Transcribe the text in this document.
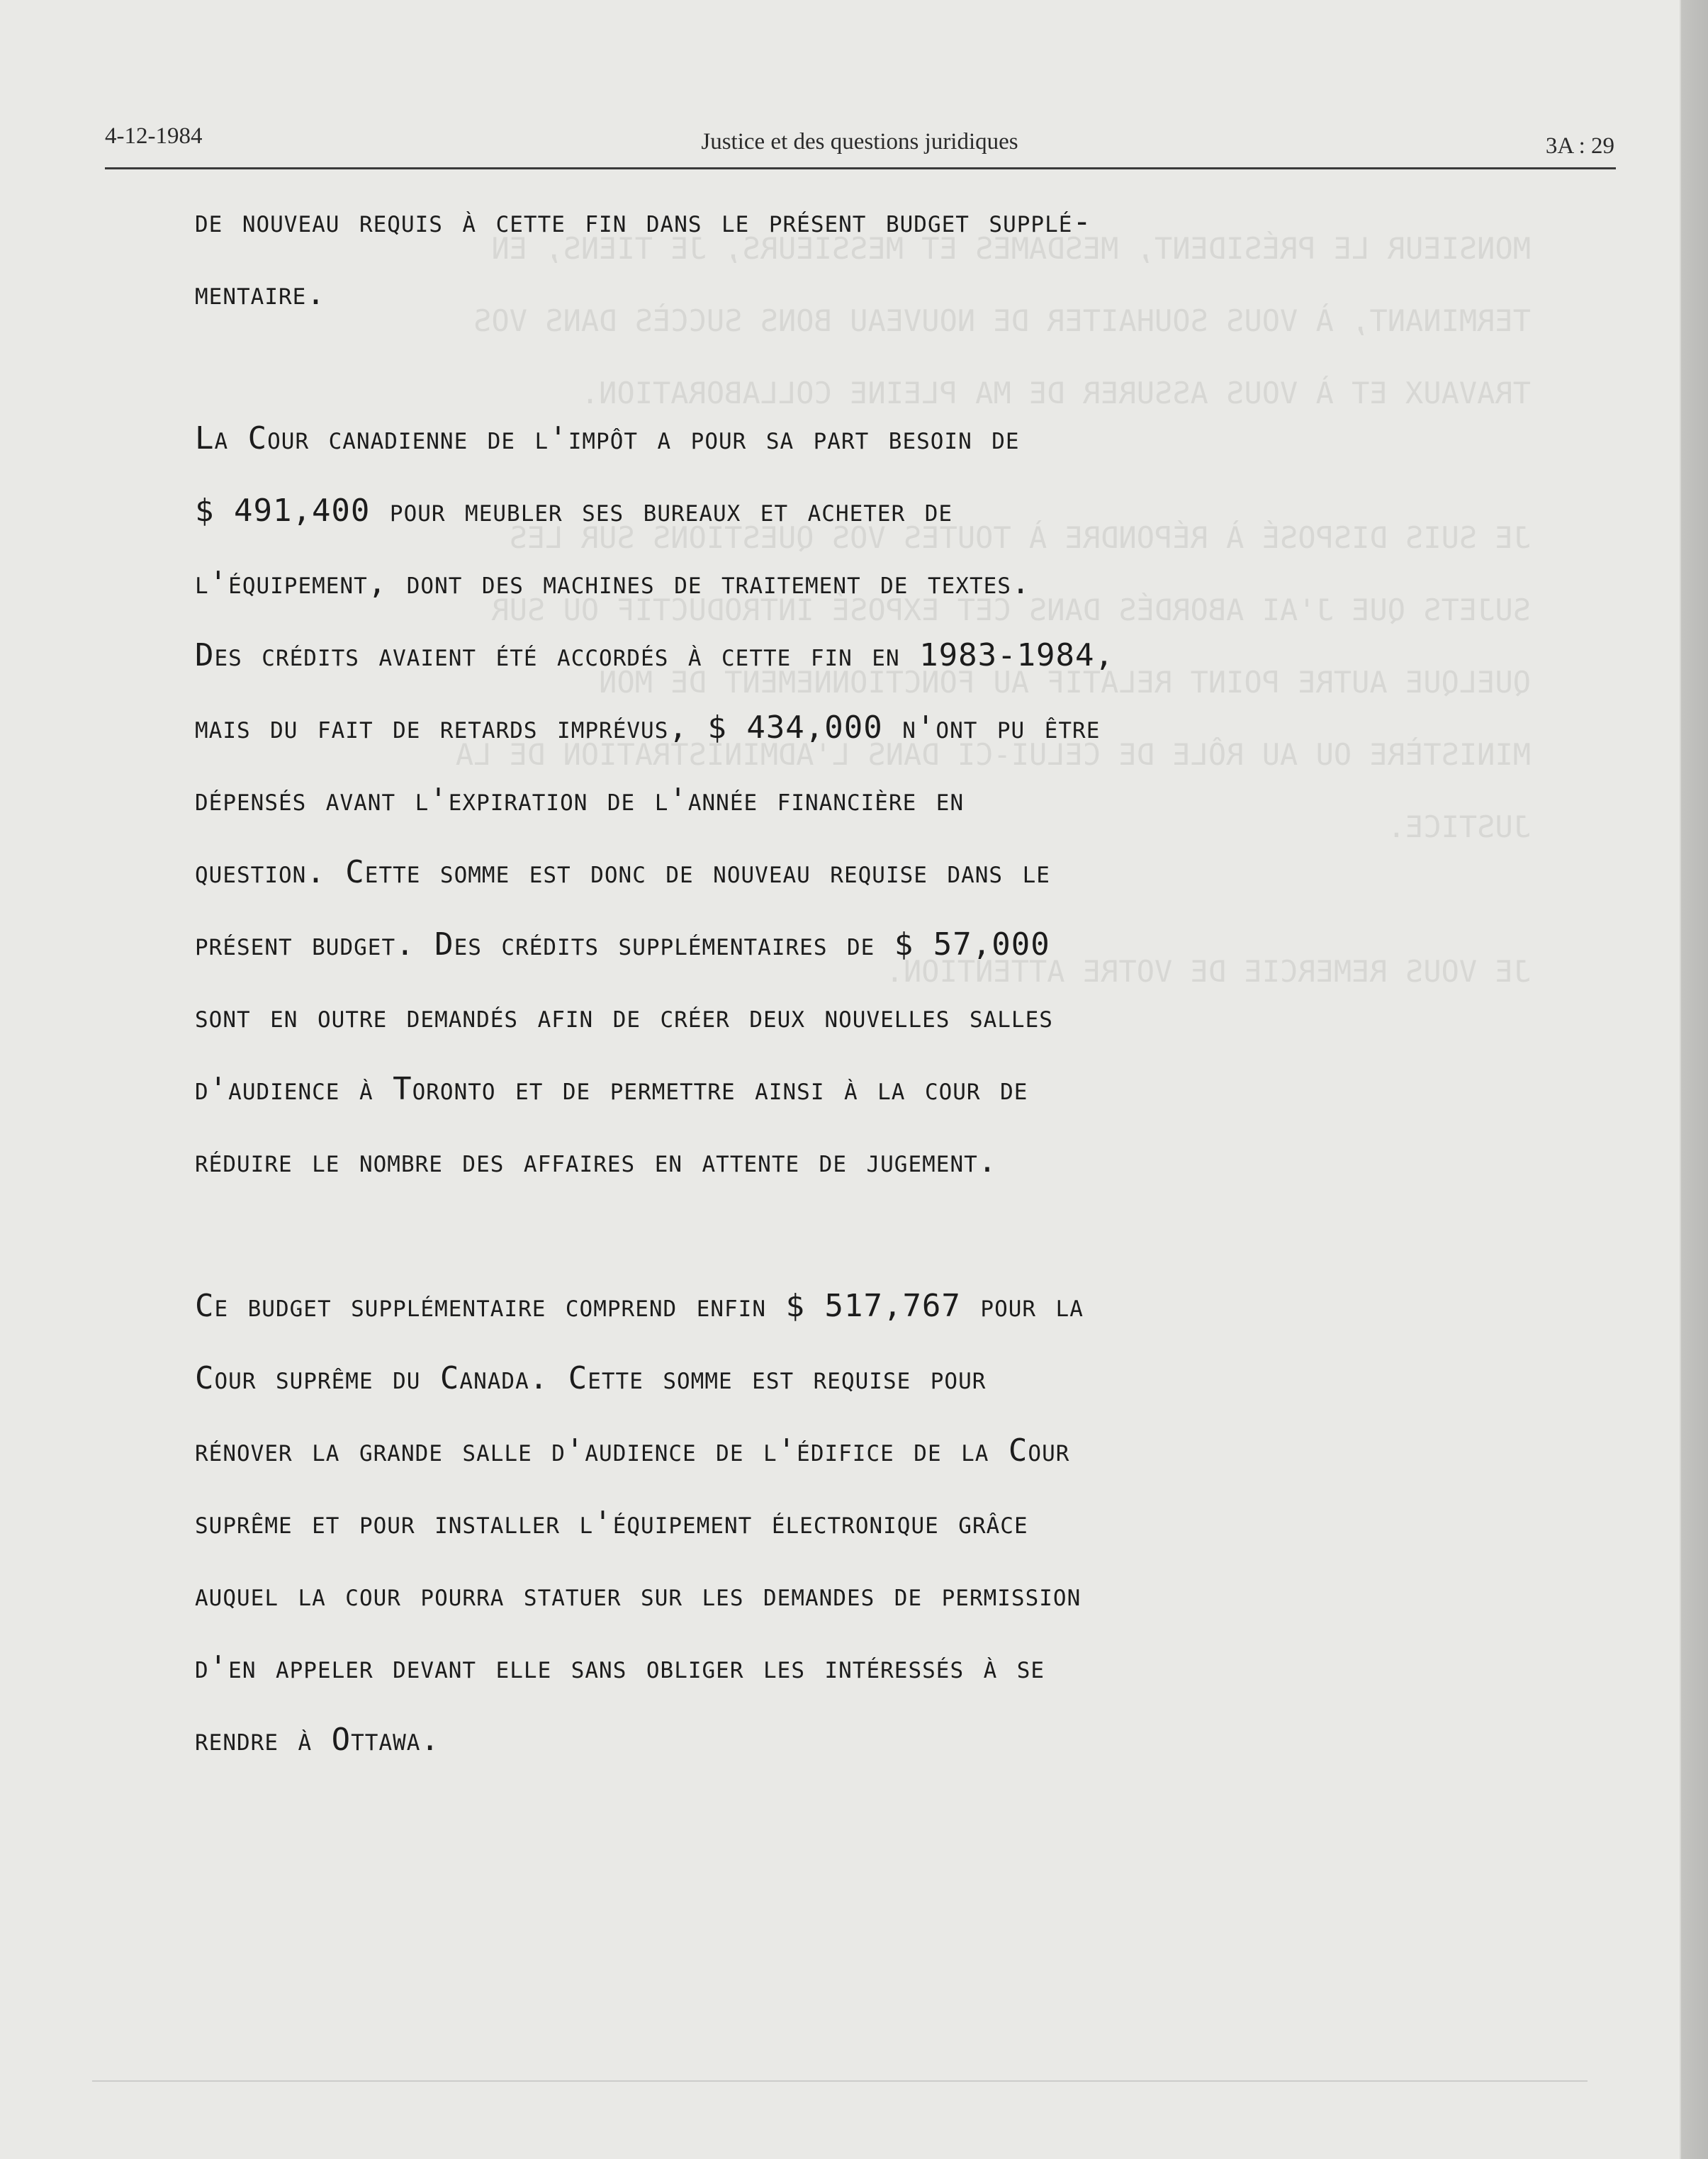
MONSIEUR LE PRÉSIDENT, MESDAMES ET MESSIEURS, JE TIENS, EN
TERMINANT, À VOUS SOUHAITER DE NOUVEAU BONS SUCCÈS DANS VOS
TRAVAUX ET À VOUS ASSURER DE MA PLEINE COLLABORATION.
JE SUIS DISPOSÉ À RÉPONDRE À TOUTES VOS QUESTIONS SUR LES
SUJETS QUE J'AI ABORDÉS DANS CET EXPOSÉ INTRODUCTIF OU SUR
QUELQUE AUTRE POINT RELATIF AU FONCTIONNEMENT DE MON
MINISTÈRE OU AU RÔLE DE CELUI-CI DANS L'ADMINISTRATION DE LA
JUSTICE.
JE VOUS REMERCIE DE VOTRE ATTENTION.
4-12-1984	Justice et des questions juridiques	3A : 29
de nouveau requis à cette fin dans le présent budget supplé-
mentaire.
La Cour canadienne de l'impôt a pour sa part besoin de
$ 491,400 pour meubler ses bureaux et acheter de
l'équipement, dont des machines de traitement de textes.
Des crédits avaient été accordés à cette fin en 1983-1984,
mais du fait de retards imprévus, $ 434,000 n'ont pu être
dépensés avant l'expiration de l'année financière en
question. Cette somme est donc de nouveau requise dans le
présent budget. Des crédits supplémentaires de $ 57,000
sont en outre demandés afin de créer deux nouvelles salles
d'audience à Toronto et de permettre ainsi à la cour de
réduire le nombre des affaires en attente de jugement.
Ce budget supplémentaire comprend enfin $ 517,767 pour la
Cour suprême du Canada. Cette somme est requise pour
rénover la grande salle d'audience de l'édifice de la Cour
suprême et pour installer l'équipement électronique grâce
auquel la cour pourra statuer sur les demandes de permission
d'en appeler devant elle sans obliger les intéressés à se
rendre à Ottawa.
